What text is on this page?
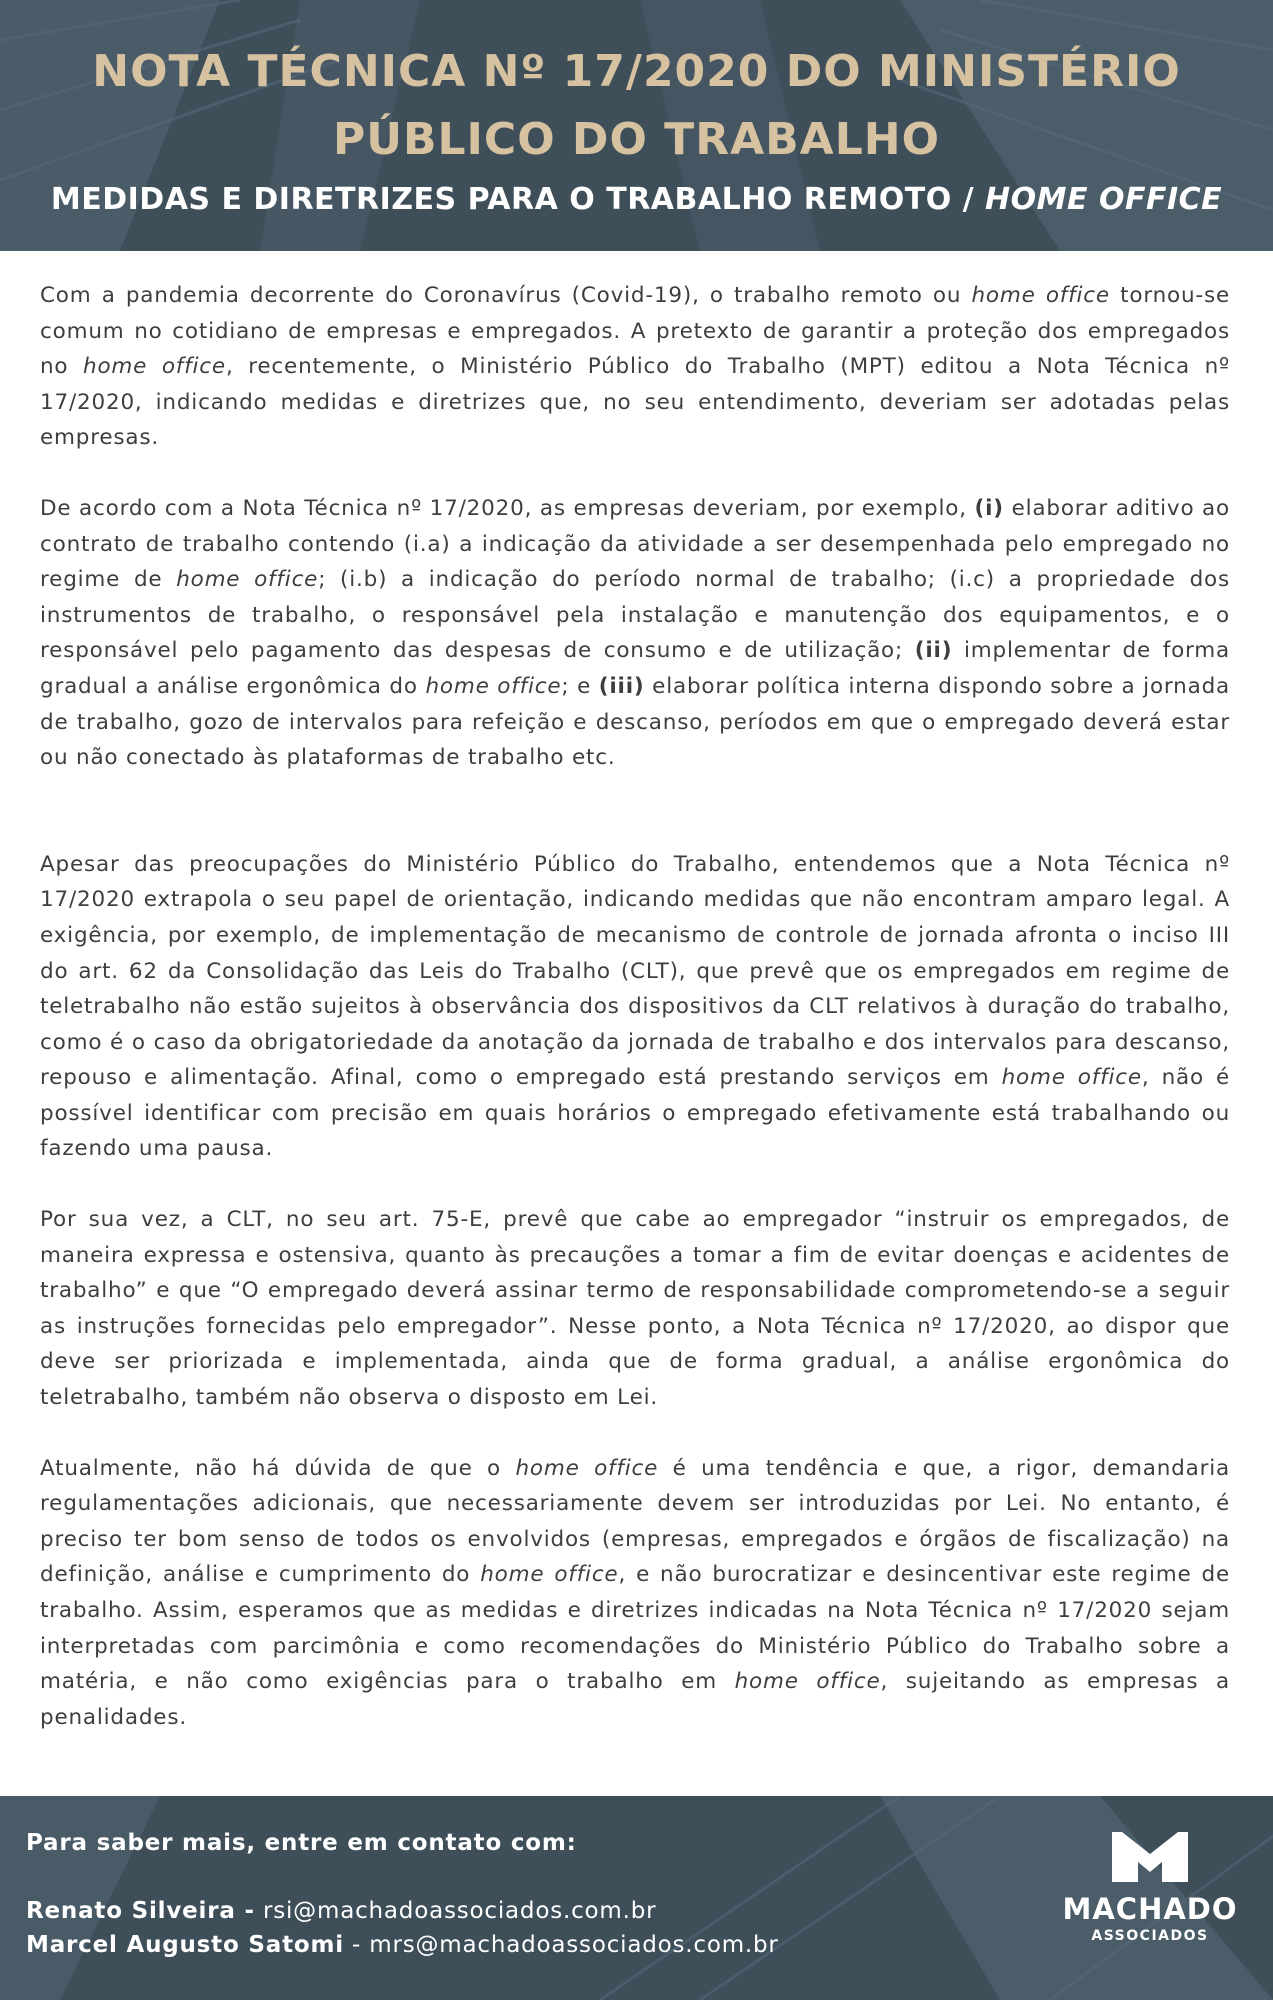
NOTA TÉCNICA Nº 17/2020 DO MINISTÉRIO
PÚBLICO DO TRABALHO
MEDIDAS E DIRETRIZES PARA O TRABALHO REMOTO / HOME OFFICE

Com a pandemia decorrente do Coronavírus (Covid-19), o trabalho remoto ou home office tornou-se comum no cotidiano de empresas e empregados. A pretexto de garantir a proteção dos empregados no home office, recentemente, o Ministério Público do Trabalho (MPT) editou a Nota Técnica nº 17/2020, indicando medidas e diretrizes que, no seu entendimento, deveriam ser adotadas pelas empresas.

De acordo com a Nota Técnica nº 17/2020, as empresas deveriam, por exemplo, (i) elaborar aditivo ao contrato de trabalho contendo (i.a) a indicação da atividade a ser desempenhada pelo empregado no regime de home office; (i.b) a indicação do período normal de trabalho; (i.c) a propriedade dos instrumentos de trabalho, o responsável pela instalação e manutenção dos equipamentos, e o responsável pelo pagamento das despesas de consumo e de utilização; (ii) implementar de forma gradual a análise ergonômica do home office; e (iii) elaborar política interna dispondo sobre a jornada de trabalho, gozo de intervalos para refeição e descanso, períodos em que o empregado deverá estar ou não conectado às plataformas de trabalho etc.

Apesar das preocupações do Ministério Público do Trabalho, entendemos que a Nota Técnica nº 17/2020 extrapola o seu papel de orientação, indicando medidas que não encontram amparo legal. A exigência, por exemplo, de implementação de mecanismo de controle de jornada afronta o inciso III do art. 62 da Consolidação das Leis do Trabalho (CLT), que prevê que os empregados em regime de teletrabalho não estão sujeitos à observância dos dispositivos da CLT relativos à duração do trabalho, como é o caso da obrigatoriedade da anotação da jornada de trabalho e dos intervalos para descanso, repouso e alimentação. Afinal, como o empregado está prestando serviços em home office, não é possível identificar com precisão em quais horários o empregado efetivamente está trabalhando ou fazendo uma pausa.

Por sua vez, a CLT, no seu art. 75-E, prevê que cabe ao empregador “instruir os empregados, de maneira expressa e ostensiva, quanto às precauções a tomar a fim de evitar doenças e acidentes de trabalho” e que “O empregado deverá assinar termo de responsabilidade comprometendo-se a seguir as instruções fornecidas pelo empregador”. Nesse ponto, a Nota Técnica nº 17/2020, ao dispor que deve ser priorizada e implementada, ainda que de forma gradual, a análise ergonômica do teletrabalho, também não observa o disposto em Lei.

Atualmente, não há dúvida de que o home office é uma tendência e que, a rigor, demandaria regulamentações adicionais, que necessariamente devem ser introduzidas por Lei. No entanto, é preciso ter bom senso de todos os envolvidos (empresas, empregados e órgãos de fiscalização) na definição, análise e cumprimento do home office, e não burocratizar e desincentivar este regime de trabalho. Assim, esperamos que as medidas e diretrizes indicadas na Nota Técnica nº 17/2020 sejam interpretadas com parcimônia e como recomendações do Ministério Público do Trabalho sobre a matéria, e não como exigências para o trabalho em home office, sujeitando as empresas a penalidades.

Para saber mais, entre em contato com:
Renato Silveira - rsi@machadoassociados.com.br
Marcel Augusto Satomi - mrs@machadoassociados.com.br
MACHADO
ASSOCIADOS
